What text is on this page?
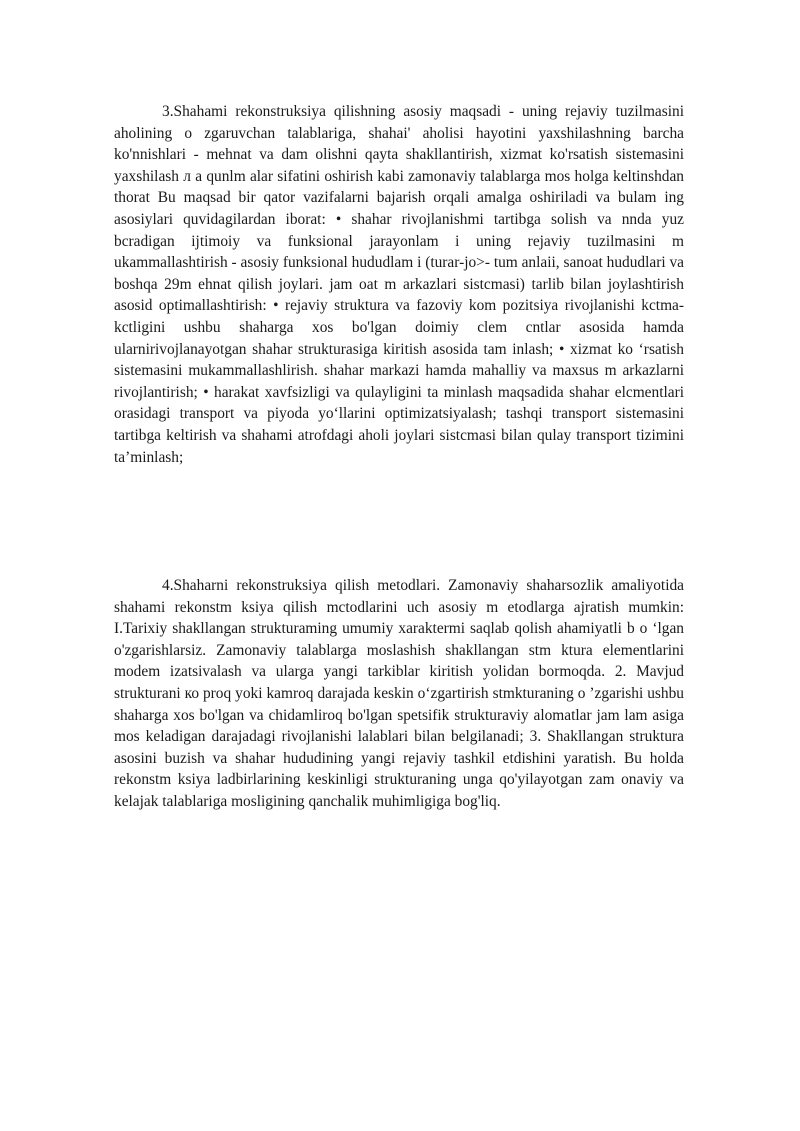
3.Shahami rekonstruksiya qilishning asosiy maqsadi - uning rejaviy tuzilmasini aholining o zgaruvchan talablariga, shahai' aholisi hayotini yaxshilashning barcha ko'nnishlari - mehnat va dam olishni qayta shakllantirish, xizmat ko'rsatish sistemasini yaxshilash л a qunlm alar sifatini oshirish kabi zamonaviy talablarga mos holga keltinshdan thorat Bu maqsad bir qator vazifalarni bajarish orqali amalga oshiriladi va bulam ing asosiylari quvidagilardan iborat: • shahar rivojlanishmi tartibga solish va nnda yuz bcradigan ijtimoiy va funksional jarayonlam i uning rejaviy tuzilmasini m ukammallashtirish - asosiy funksional hududlam i (turar-jo>- tum anlaii, sanoat hududlari va boshqa 29m ehnat qilish joylari. jam oat m arkazlari sistcmasi) tarlib bilan joylashtirish asosid optimallashtirish: • rejaviy struktura va fazoviy kom pozitsiya rivojlanishi kctma-kctligini ushbu shaharga xos bo'lgan doimiy clem cntlar asosida hamda ularnirivojlanayotgan shahar strukturasiga kiritish asosida tam inlash; • xizmat ko ‘rsatish sistemasini mukammallashlirish. shahar markazi hamda mahalliy va maxsus m arkazlarni rivojlantirish; • harakat xavfsizligi va qulayligini ta minlash maqsadida shahar elcmentlari orasidagi transport va piyoda yo‘llarini optimizatsiyalash; tashqi transport sistemasini tartibga keltirish va shahami atrofdagi aholi joylari sistcmasi bilan qulay transport tizimini ta’minlash;

4.Shaharni rekonstruksiya qilish metodlari. Zamonaviy shaharsozlik amaliyotida shahami rekonstm ksiya qilish mctodlarini uch asosiy m etodlarga ajratish mumkin: I.Tarixiy shakllangan strukturaming umumiy xaraktermi saqlab qolish ahamiyatli b o ‘lgan o'zgarishlarsiz. Zamonaviy talablarga moslashish shakllangan stm ktura elementlarini modem izatsivalash va ularga yangi tarkiblar kiritish yolidan bormoqda. 2. Mavjud strukturani ко proq yoki kamroq darajada keskin o‘zgartirish stmkturaning o ’zgarishi ushbu shaharga xos bo'lgan va chidamliroq bo'lgan spetsifik strukturaviy alomatlar jam lam asiga mos keladigan darajadagi rivojlanishi lalablari bilan belgilanadi; 3. Shakllangan struktura asosini buzish va shahar hududining yangi rejaviy tashkil etdishini yaratish. Bu holda rekonstm ksiya ladbirlarining keskinligi strukturaning unga qo'yilayotgan zam onaviy va kelajak talablariga mosligining qanchalik muhimligiga bog'liq.
